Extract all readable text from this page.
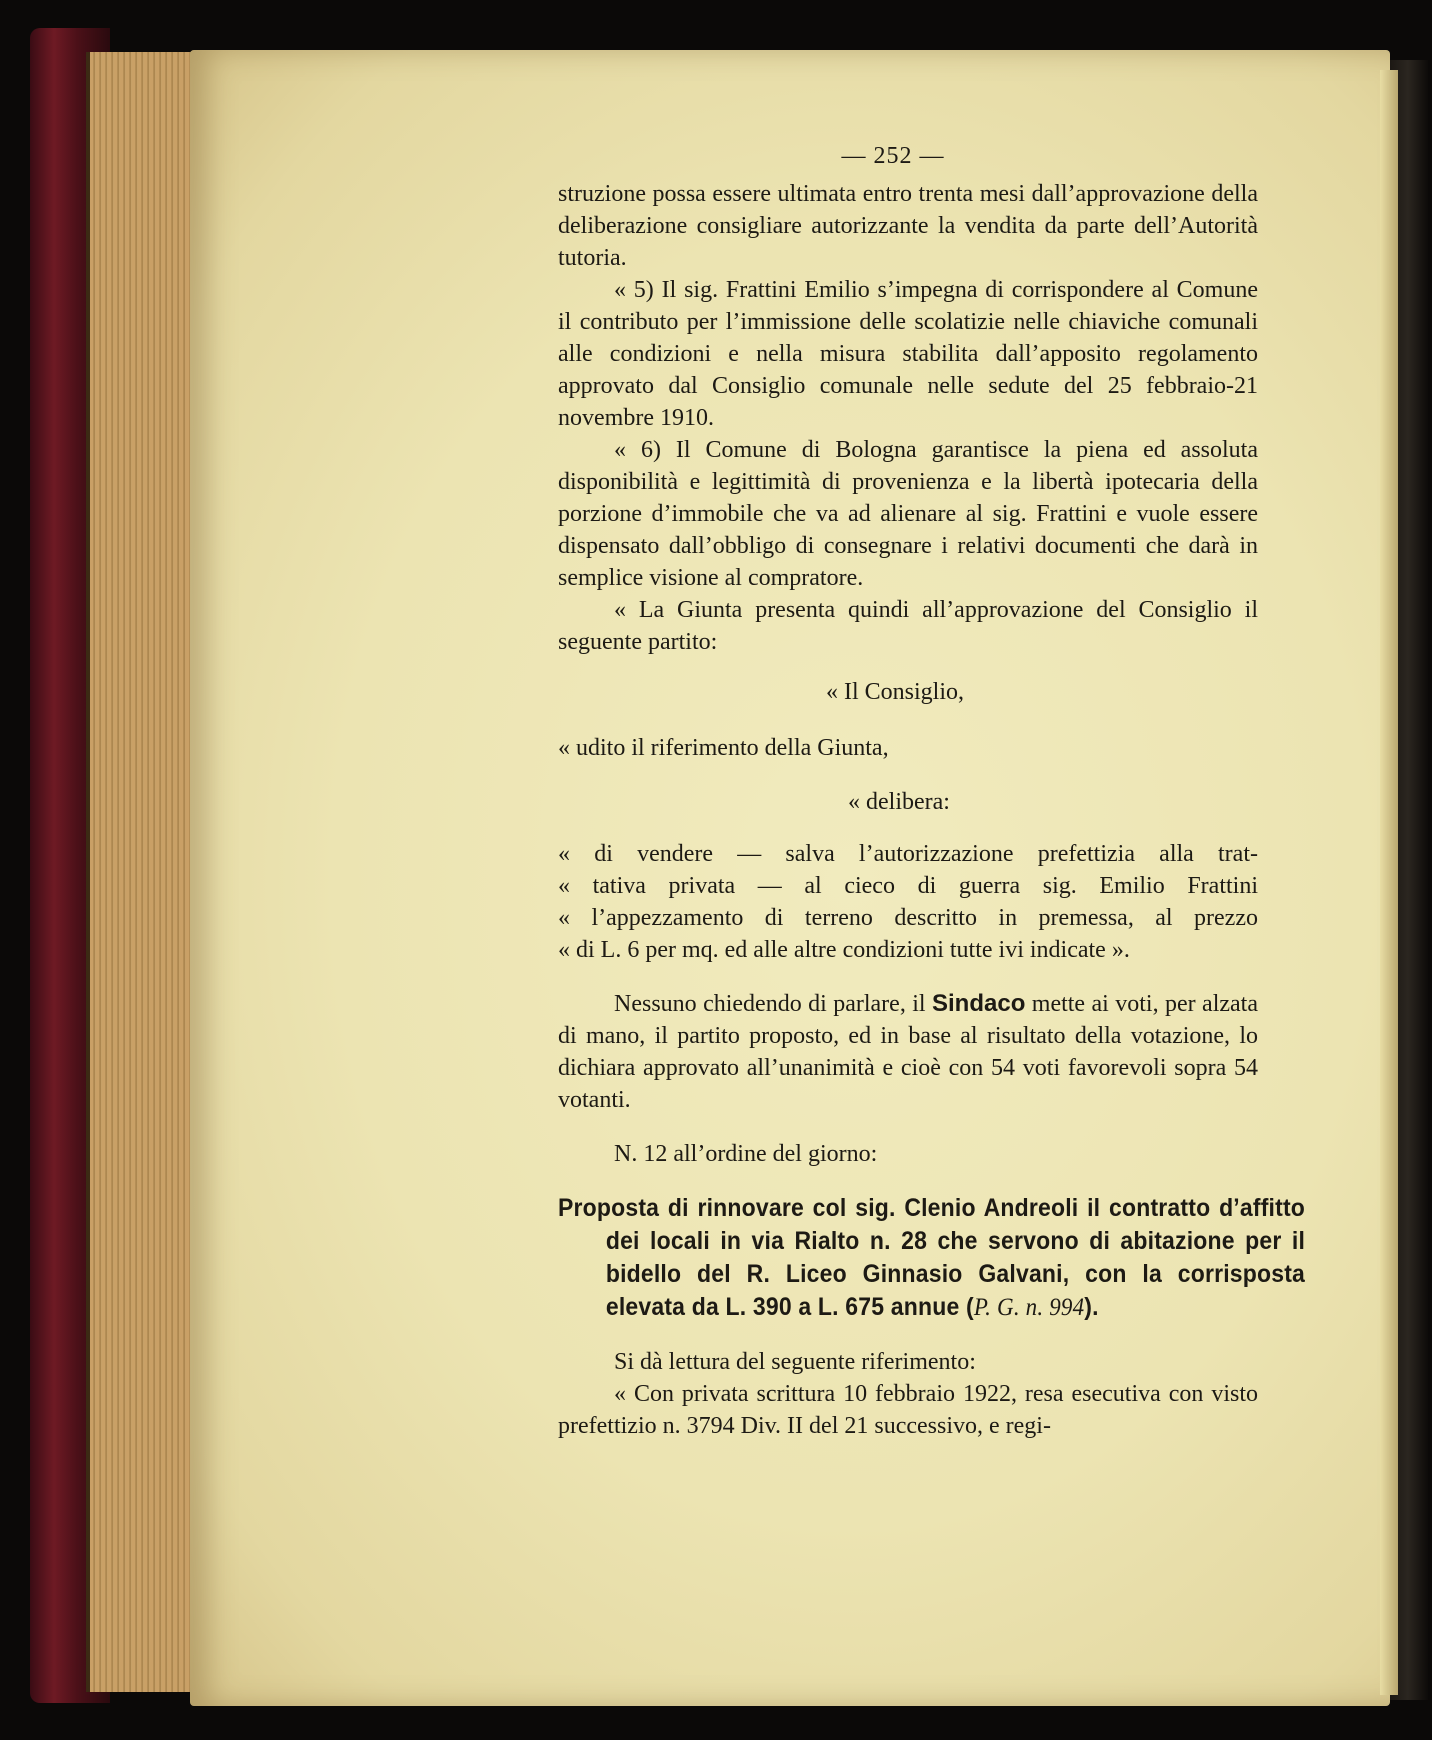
— 252 —

struzione possa essere ultimata entro trenta mesi dall’approvazione della deliberazione consigliare autorizzante la vendita da parte dell’Autorità tutoria.

« 5) Il sig. Frattini Emilio s’impegna di corrispondere al Comune il contributo per l’immissione delle scolatizie nelle chiaviche comunali alle condizioni e nella misura stabilita dall’apposito regolamento approvato dal Consiglio comunale nelle sedute del 25 febbraio-21 novembre 1910.

« 6) Il Comune di Bologna garantisce la piena ed assoluta disponibilità e legittimità di provenienza e la libertà ipotecaria della porzione d’immobile che va ad alienare al sig. Frattini e vuole essere dispensato dall’obbligo di consegnare i relativi documenti che darà in semplice visione al compratore.

« La Giunta presenta quindi all’approvazione del Consiglio il seguente partito:

« Il Consiglio,
« udito il riferimento della Giunta,
« delibera:

« di vendere — salva l’autorizzazione prefettizia alla trat-

« tativa privata — al cieco di guerra sig. Emilio Frattini

« l’appezzamento di terreno descritto in premessa, al prezzo

« di L. 6 per mq. ed alle altre condizioni tutte ivi indicate ».

Nessuno chiedendo di parlare, il Sindaco mette ai voti, per alzata di mano, il partito proposto, ed in base al risultato della votazione, lo dichiara approvato all’unanimità e cioè con 54 voti favorevoli sopra 54 votanti.

N. 12 all’ordine del giorno:

Proposta di rinnovare col sig. Clenio Andreoli il contratto d’affitto dei locali in via Rialto n. 28 che servono di abitazione per il bidello del R. Liceo Ginnasio Galvani, con la corrisposta elevata da L. 390 a L. 675 annue (P. G. n. 994).

Si dà lettura del seguente riferimento:

« Con privata scrittura 10 febbraio 1922, resa esecutiva con visto prefettizio n. 3794 Div. II del 21 successivo, e regi-
